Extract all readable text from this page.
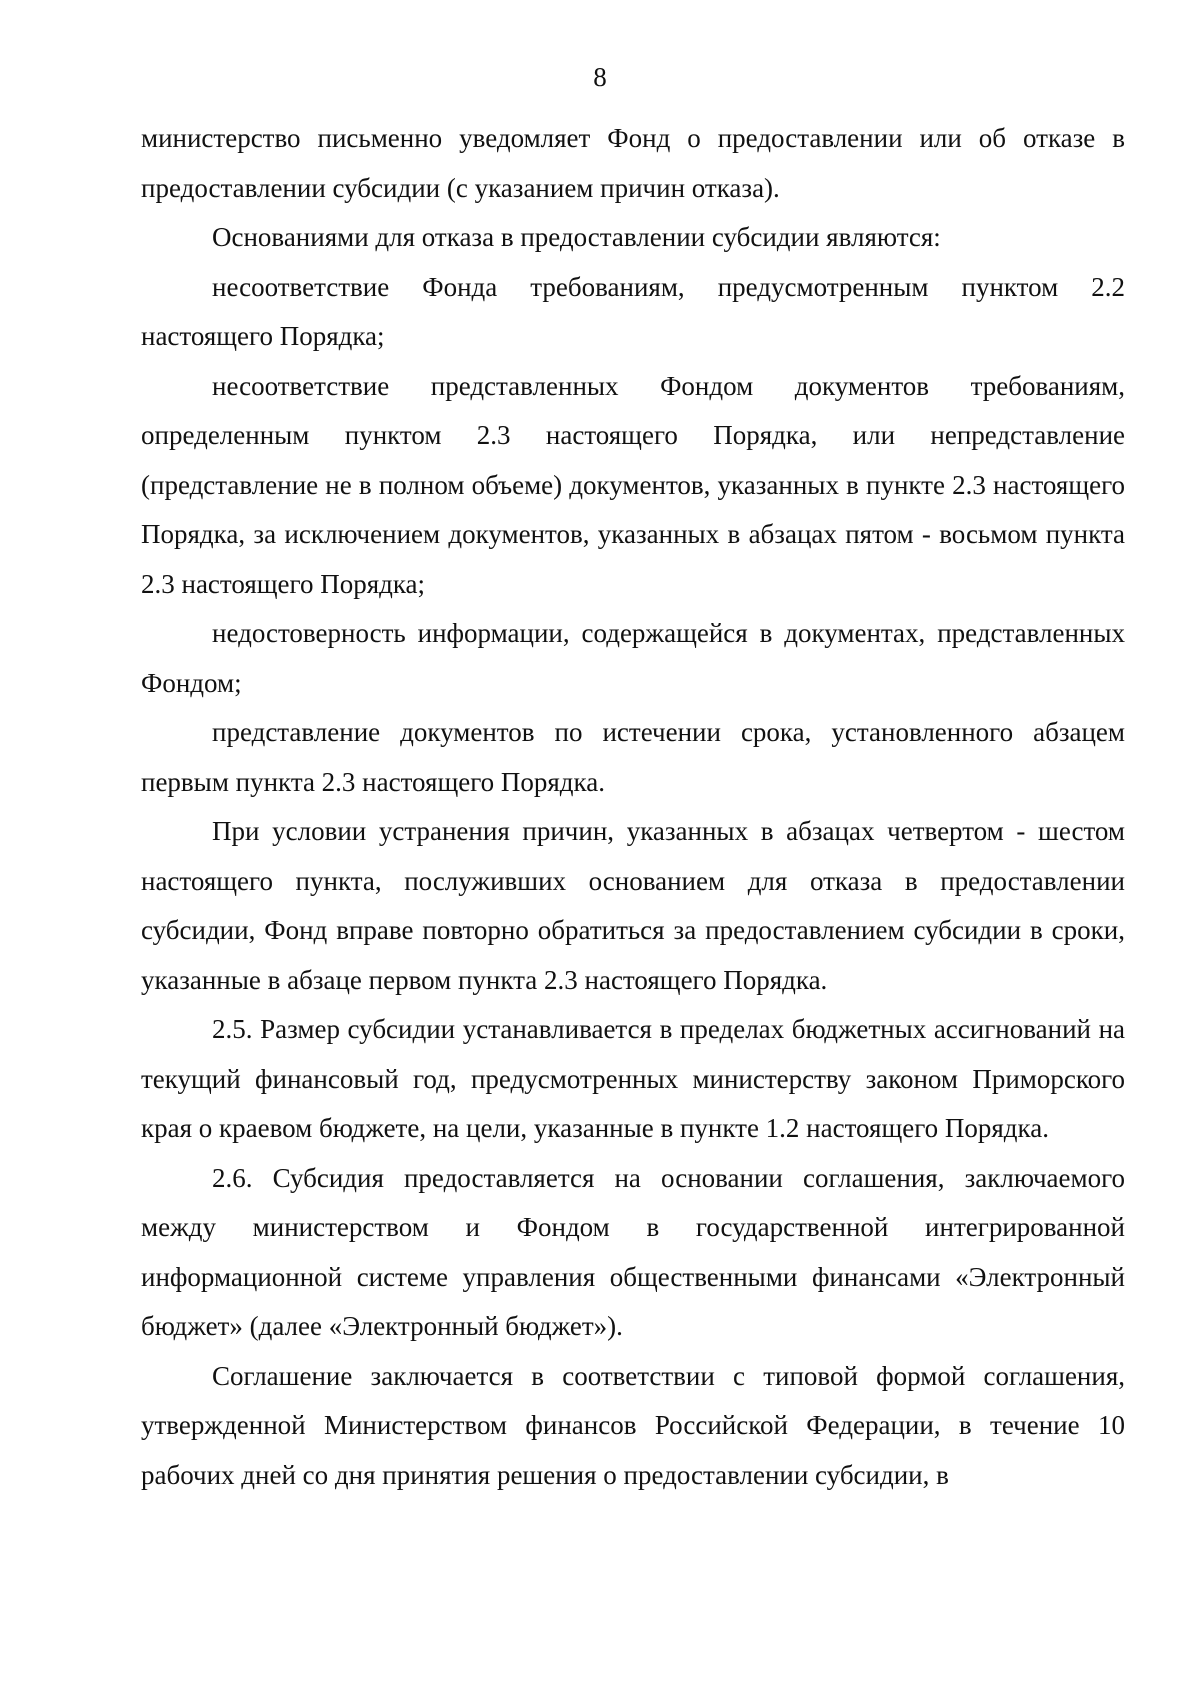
8

министерство письменно уведомляет Фонд о предоставлении или об отказе в предоставлении субсидии (с указанием причин отказа).

Основаниями для отказа в предоставлении субсидии являются:

несоответствие Фонда требованиям, предусмотренным пунктом 2.2 настоящего Порядка;

несоответствие представленных Фондом документов требованиям, определенным пунктом 2.3 настоящего Порядка, или непредставление (представление не в полном объеме) документов, указанных в пункте 2.3 настоящего Порядка, за исключением документов, указанных в абзацах пятом - восьмом пункта 2.3 настоящего Порядка;

недостоверность информации, содержащейся в документах, представленных Фондом;

представление документов по истечении срока, установленного абзацем первым пункта 2.3 настоящего Порядка.

При условии устранения причин, указанных в абзацах четвертом - шестом настоящего пункта, послуживших основанием для отказа в предоставлении субсидии, Фонд вправе повторно обратиться за предоставлением субсидии в сроки, указанные в абзаце первом пункта 2.3 настоящего Порядка.

2.5. Размер субсидии устанавливается в пределах бюджетных ассигнований на текущий финансовый год, предусмотренных министерству законом Приморского края о краевом бюджете, на цели, указанные в пункте 1.2 настоящего Порядка.

2.6. Субсидия предоставляется на основании соглашения, заключаемого между министерством и Фондом в государственной интегрированной информационной системе управления общественными финансами «Электронный бюджет» (далее «Электронный бюджет»).

Соглашение заключается в соответствии с типовой формой соглашения, утвержденной Министерством финансов Российской Федерации, в течение 10 рабочих дней со дня принятия решения о предоставлении субсидии, в
